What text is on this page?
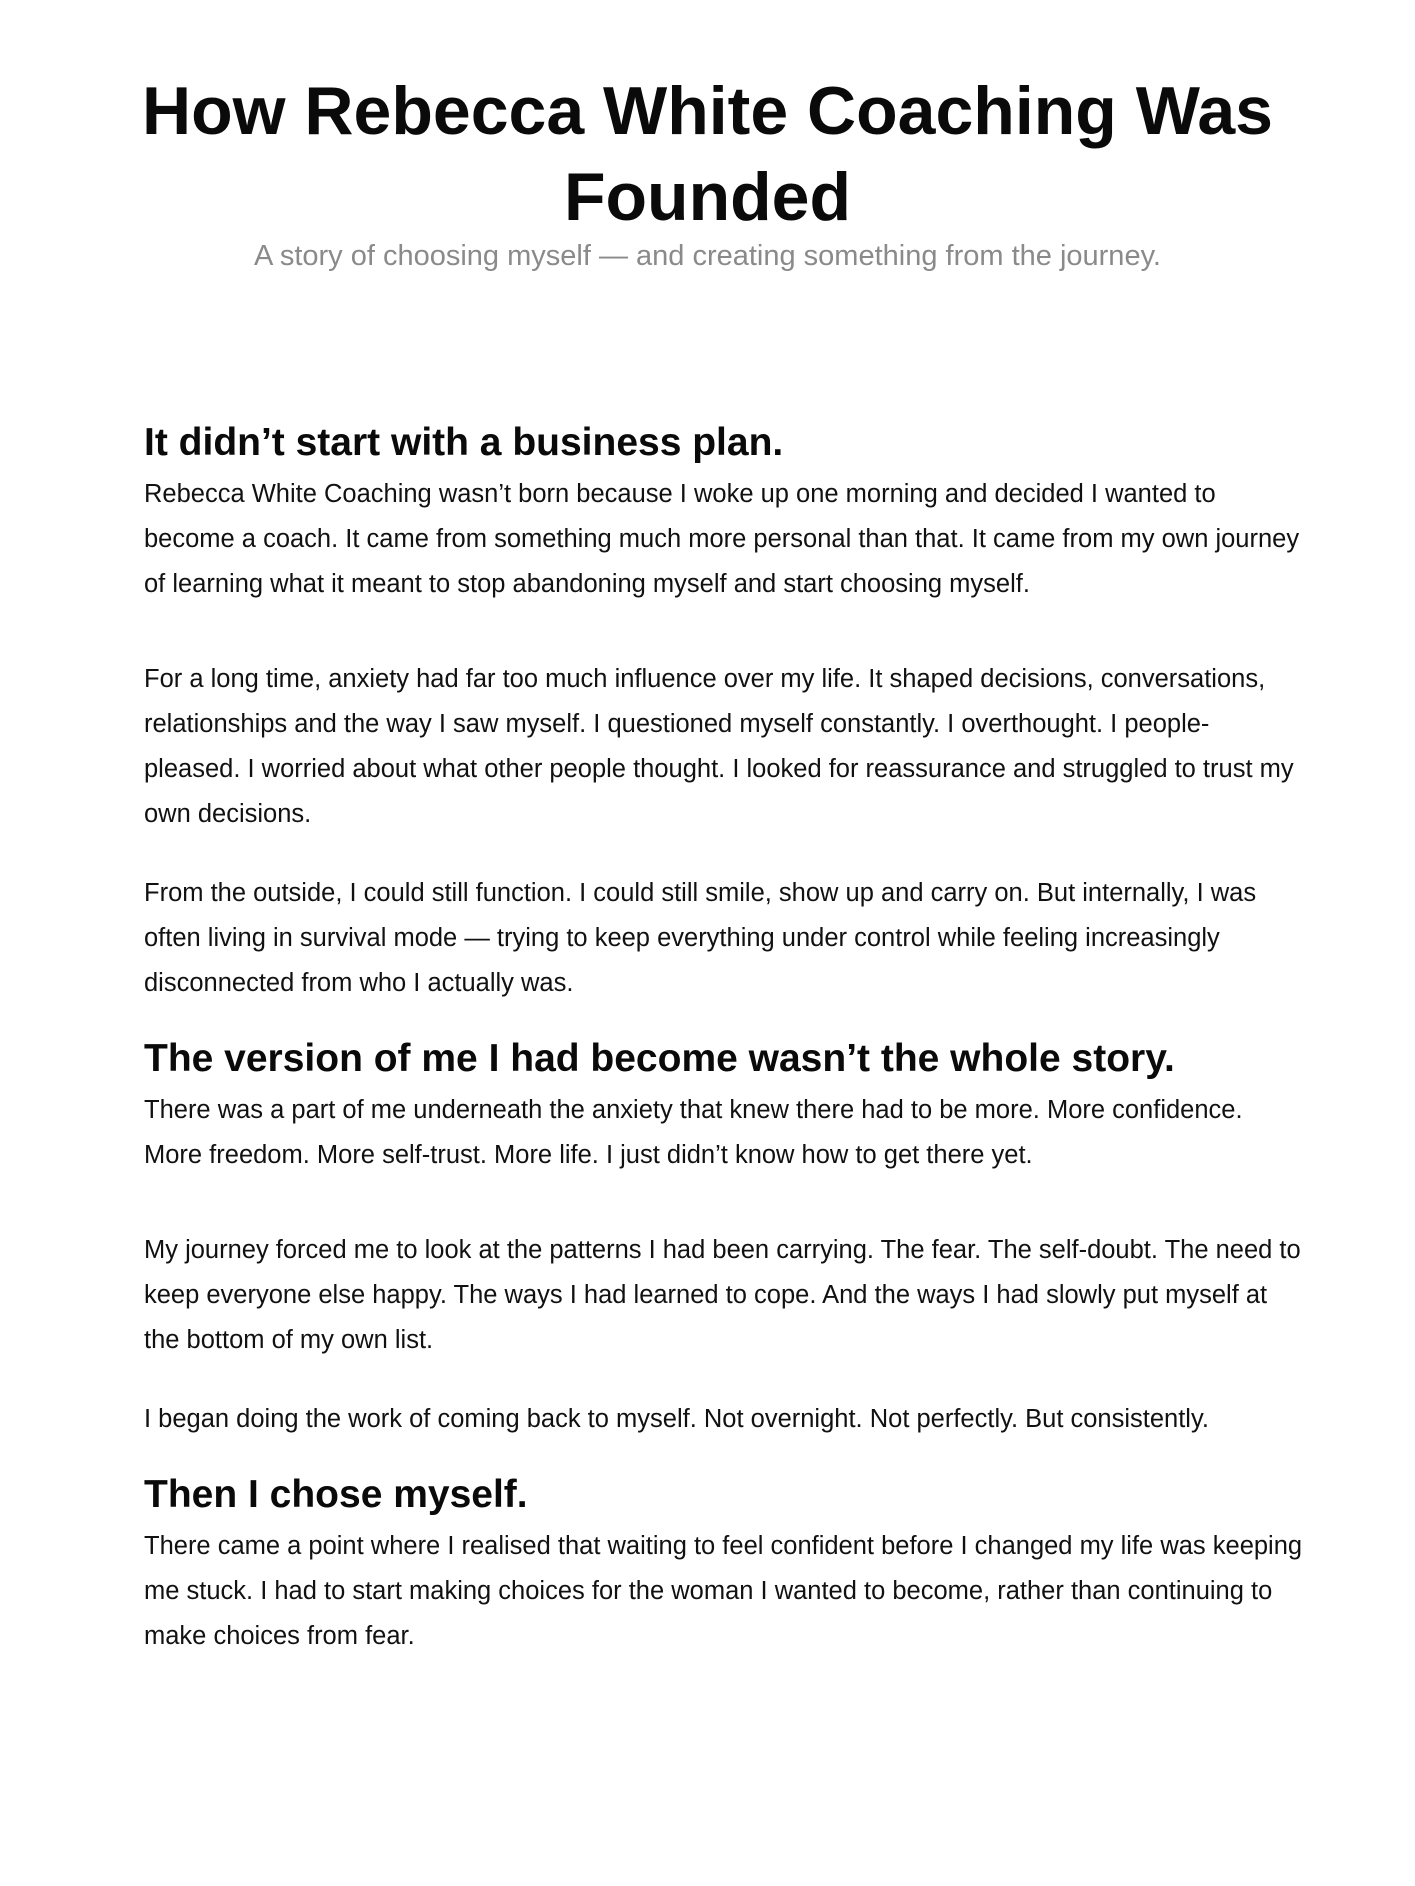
How Rebecca White Coaching Was Founded

A story of choosing myself — and creating something from the journey.

It didn’t start with a business plan.

Rebecca White Coaching wasn’t born because I woke up one morning and decided I wanted to become a coach. It came from something much more personal than that. It came from my own journey of learning what it meant to stop abandoning myself and start choosing myself.

For a long time, anxiety had far too much influence over my life. It shaped decisions, conversations, relationships and the way I saw myself. I questioned myself constantly. I overthought. I people-pleased. I worried about what other people thought. I looked for reassurance and struggled to trust my own decisions.

From the outside, I could still function. I could still smile, show up and carry on. But internally, I was often living in survival mode — trying to keep everything under control while feeling increasingly disconnected from who I actually was.

The version of me I had become wasn’t the whole story.

There was a part of me underneath the anxiety that knew there had to be more. More confidence. More freedom. More self-trust. More life. I just didn’t know how to get there yet.

My journey forced me to look at the patterns I had been carrying. The fear. The self-doubt. The need to keep everyone else happy. The ways I had learned to cope. And the ways I had slowly put myself at the bottom of my own list.

I began doing the work of coming back to myself. Not overnight. Not perfectly. But consistently.

Then I chose myself.

There came a point where I realised that waiting to feel confident before I changed my life was keeping me stuck. I had to start making choices for the woman I wanted to become, rather than continuing to make choices from fear.
